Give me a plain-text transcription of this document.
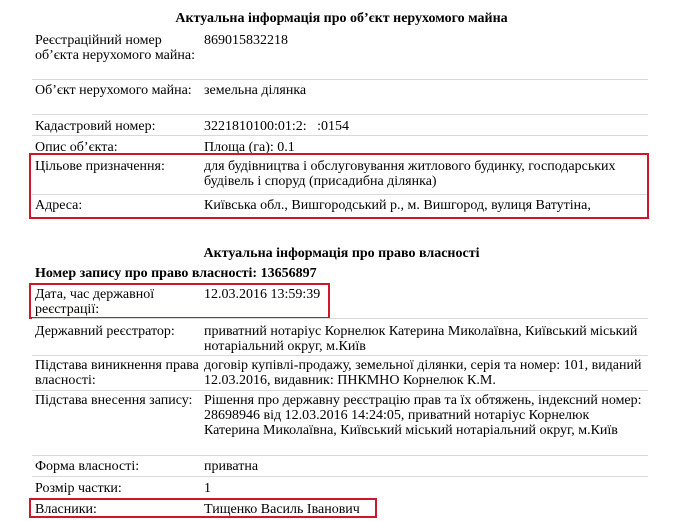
Актуальна інформація про об’єкт нерухомого майна
Реєстраційний номер об’єкта нерухомого майна:
869015832218
Об’єкт нерухомого майна: земельна ділянка
Кадастровий номер:	3221810100:01:2:   :0154
Опис об’єкта:	Площа (га): 0.1
Цільове призначення:	для будівництва і обслуговування житлового будинку, господарських будівель і споруд (присадибна ділянка)
Адреса:	Київська обл., Вишгородський р., м. Вишгород, вулиця Ватутіна,
Актуальна інформація про право власності
Номер запису про право власності: 13656897
Дата, час державної реєстрації:
12.03.2016 13:59:39
Державний реєстратор:	приватний нотаріус Корнелюк Катерина Миколаївна, Київський міський нотаріальний округ, м.Київ
Підстава виникнення права власності:
договір купівлі-продажу, земельної ділянки, серія та номер: 101, виданий 12.03.2016, видавник: ПНКМНО Корнелюк К.М.
Підстава внесення запису: Рішення про державну реєстрацію прав та їх обтяжень, індексний номер: 28698946 від 12.03.2016 14:24:05, приватний нотаріус Корнелюк Катерина Миколаївна, Київський міський нотаріальний округ, м.Київ
Форма власності:	приватна
Розмір частки:	1
Власники:	Тищенко Василь Іванович
